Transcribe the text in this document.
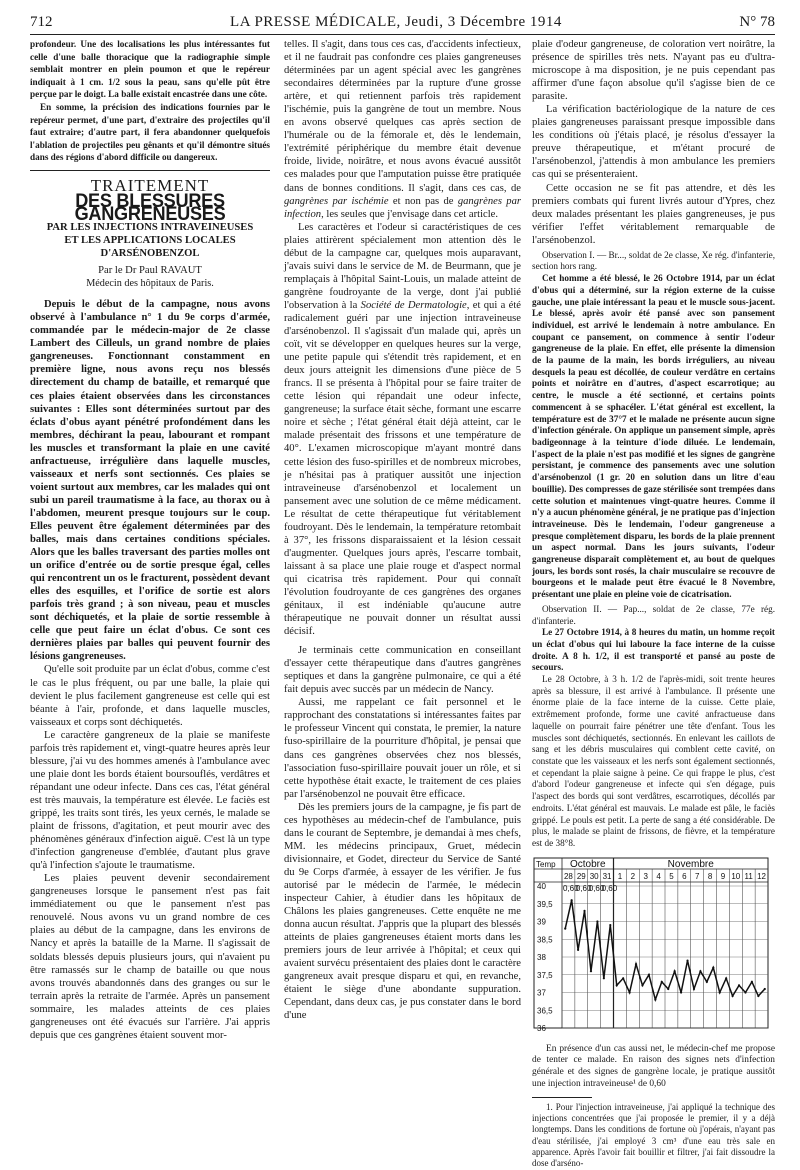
712	LA PRESSE MÉDICALE, Jeudi, 3 Décembre 1914	N° 78

profondeur. Une des localisations les plus intéressantes fut celle d'une balle thoracique que la radiographie simple semblait montrer en plein poumon et que le repéreur indiquait à 1 cm. 1/2 sous la peau, sans qu'elle pût être perçue par le doigt. La balle existait encastrée dans une côte.

En somme, la précision des indications fournies par le repéreur permet, d'une part, d'extraire des projectiles qu'il faut extraire; d'autre part, il fera abandonner quelquefois l'ablation de projectiles peu gênants et qu'il démontre situés dans des régions d'abord difficile ou dangereux.

TRAITEMENT
DES BLESSURES GANGRENEUSES
PAR LES INJECTIONS INTRAVEINEUSES
ET LES APPLICATIONS LOCALES D'ARSÉNOBENZOL
Par le Dr Paul RAVAUT
Médecin des hôpitaux de Paris.

Depuis le début de la campagne, nous avons observé à l'ambulance n° 1 du 9e corps d'armée, commandée par le médecin-major de 2e classe Lambert des Cilleuls, un grand nombre de plaies gangreneuses. Fonctionnant constamment en première ligne, nous avons reçu nos blessés directement du champ de bataille, et remarqué que ces plaies étaient observées dans les circonstances suivantes : Elles sont déterminées surtout par des éclats d'obus ayant pénétré profondément dans les membres, déchirant la peau, labourant et rompant les muscles et transformant la plaie en une cavité anfractueuse, irrégulière dans laquelle muscles, vaisseaux et nerfs sont sectionnés. Ces plaies se voient surtout aux membres, car les malades qui ont subi un pareil traumatisme à la face, au thorax ou à l'abdomen, meurent presque toujours sur le coup. Elles peuvent être également déterminées par des balles, mais dans certaines conditions spéciales. Alors que les balles traversant des parties molles ont un orifice d'entrée ou de sortie presque égal, celles qui rencontrent un os le fracturent, possèdent devant elles des esquilles, et l'orifice de sortie est alors parfois très grand ; à son niveau, peau et muscles sont déchiquetés, et la plaie de sortie ressemble à celle que peut faire un éclat d'obus. Ce sont ces dernières plaies par balles qui peuvent fournir des lésions gangreneuses.

Qu'elle soit produite par un éclat d'obus, comme c'est le cas le plus fréquent, ou par une balle, la plaie qui devient le plus facilement gangreneuse est celle qui est béante à l'air, profonde, et dans laquelle muscles, vaisseaux et corps sont déchiquetés.

Le caractère gangreneux de la plaie se manifeste parfois très rapidement et, vingt-quatre heures après leur blessure, j'ai vu des hommes amenés à l'ambulance avec une plaie dont les bords étaient boursouflés, verdâtres et répandant une odeur infecte. Dans ces cas, l'état général est très mauvais, la température est élevée. Le faciès est grippé, les traits sont tirés, les yeux cernés, le malade se plaint de frissons, d'agitation, et peut mourir avec des phénomènes généraux d'infection aiguë. C'est là un type d'infection gangreneuse d'emblée, d'autant plus grave qu'à l'infection s'ajoute le traumatisme.

Les plaies peuvent devenir secondairement gangreneuses lorsque le pansement n'est pas fait immédiatement ou que le pansement n'est pas renouvelé. Nous avons vu un grand nombre de ces plaies au début de la campagne, dans les environs de Nancy et après la bataille de la Marne. Il s'agissait de soldats blessés depuis plusieurs jours, qui n'avaient pu être ramassés sur le champ de bataille ou que nous avons trouvés abandonnés dans des granges ou sur le terrain après la retraite de l'armée. Après un pansement sommaire, les malades atteints de ces plaies gangreneuses ont été évacués sur l'arrière. J'ai appris depuis que ces gangrènes étaient souvent mor-

telles. Il s'agit, dans tous ces cas, d'accidents infectieux, et il ne faudrait pas confondre ces plaies gangreneuses déterminées par un agent spécial avec les gangrènes secondaires déterminées par la rupture d'une grosse artère, et qui retiennent parfois très rapidement l'ischémie, puis la gangrène de tout un membre. Nous en avons observé quelques cas après section de l'humérale ou de la fémorale et, dès le lendemain, l'extrémité périphérique du membre était devenue froide, livide, noirâtre, et nous avons évacué aussitôt ces malades pour que l'amputation puisse être pratiquée dans de bonnes conditions. Il s'agit, dans ces cas, de gangrènes par ischémie et non pas de gangrènes par infection, les seules que j'envisage dans cet article.

Les caractères et l'odeur si caractéristiques de ces plaies attirèrent spécialement mon attention dès le début de la campagne car, quelques mois auparavant, j'avais suivi dans le service de M. de Beurmann, que je remplaçais à l'hôpital Saint-Louis, un malade atteint de gangrène foudroyante de la verge, dont j'ai publié l'observation à la Société de Dermatologie, et qui a été radicalement guéri par une injection intraveineuse d'arsénobenzol. Il s'agissait d'un malade qui, après un coït, vit se développer en quelques heures sur la verge, une petite papule qui s'étendit très rapidement, et en deux jours atteignit les dimensions d'une pièce de 5 francs. Il se présenta à l'hôpital pour se faire traiter de cette lésion qui répandait une odeur infecte, gangreneuse; la surface était sèche, formant une escarre noire et sèche ; l'état général était déjà atteint, car le malade présentait des frissons et une température de 40°. L'examen microscopique m'ayant montré dans cette lésion des fuso-spirilles et de nombreux microbes, je n'hésitai pas à pratiquer aussitôt une injection intraveineuse d'arsénobenzol et localement un pansement avec une solution de ce même médicament. Le résultat de cette thérapeutique fut véritablement foudroyant. Dès le lendemain, la température retombait à 37°, les frissons disparaissaient et la lésion cessait d'augmenter. Quelques jours après, l'escarre tombait, laissant à sa place une plaie rouge et d'aspect normal qui cicatrisa très rapidement. Pour qui connaît l'évolution foudroyante de ces gangrènes des organes génitaux, il est indéniable qu'aucune autre thérapeutique ne pouvait donner un résultat aussi décisif.

Je terminais cette communication en conseillant d'essayer cette thérapeutique dans d'autres gangrènes septiques et dans la gangrène pulmonaire, ce qui a été fait depuis avec succès par un médecin de Nancy.

Aussi, me rappelant ce fait personnel et le rapprochant des constatations si intéressantes faites par le professeur Vincent qui constata, le premier, la nature fuso-spirillaire de la pourriture d'hôpital, je pensai que dans ces gangrènes observées chez nos blessés, l'association fuso-spirillaire pouvait jouer un rôle, et si cette hypothèse était exacte, le traitement de ces plaies par l'arsénobenzol ne pouvait être efficace.

Dès les premiers jours de la campagne, je fis part de ces hypothèses au médecin-chef de l'ambulance, puis dans le courant de Septembre, je demandai à mes chefs, MM. les médecins principaux, Gruet, médecin divisionnaire, et Godet, directeur du Service de Santé du 9e Corps d'armée, à essayer de les vérifier. Je fus autorisé par le médecin de l'armée, le médecin inspecteur Cahier, à étudier dans les hôpitaux de Châlons les plaies gangreneuses. Cette enquête ne me donna aucun résultat. J'appris que la plupart des blessés atteints de plaies gangreneuses étaient morts dans les premiers jours de leur arrivée à l'hôpital; et ceux qui avaient survécu présentaient des plaies dont le caractère gangreneux avait presque disparu et qui, en revanche, étaient le siège d'une abondante suppuration. Cependant, dans deux cas, je pus constater dans le bord d'une

plaie d'odeur gangreneuse, de coloration vert noirâtre, la présence de spirilles très nets. N'ayant pas eu d'ultra-microscope à ma disposition, je ne puis cependant pas affirmer d'une façon absolue qu'il s'agisse bien de ce parasite.

La vérification bactériologique de la nature de ces plaies gangreneuses paraissant presque impossible dans les conditions où j'étais placé, je résolus d'essayer la preuve thérapeutique, et m'étant procuré de l'arsénobenzol, j'attendis à mon ambulance les premiers cas qui se présenteraient.

Cette occasion ne se fit pas attendre, et dès les premiers combats qui furent livrés autour d'Ypres, chez deux malades présentant les plaies gangreneuses, je pus vérifier l'effet véritablement remarquable de l'arsénobenzol.

Observation I. — Br..., soldat de 2e classe, Xe rég. d'infanterie, section hors rang.

Cet homme a été blessé, le 26 Octobre 1914, par un éclat d'obus qui a déterminé, sur la région externe de la cuisse gauche, une plaie intéressant la peau et le muscle sous-jacent. Le blessé, après avoir été pansé avec son pansement individuel, est arrivé le lendemain à notre ambulance. En coupant ce pansement, on commence à sentir l'odeur gangreneuse de la plaie. En effet, elle présente la dimension de la paume de la main, les bords irréguliers, au niveau desquels la peau est décollée, de couleur verdâtre en certains points et noirâtre en d'autres, d'aspect escarrotique; au centre, le muscle a été sectionné, et certains points commencent à se sphacéler. L'état général est excellent, la température est de 37°7 et le malade ne présente aucun signe d'infection générale. On applique un pansement simple, après badigeonnage à la teinture d'iode diluée. Le lendemain, l'aspect de la plaie n'est pas modifié et les signes de gangrène persistant, je commence des pansements avec une solution d'arsénobenzol (1 gr. 20 en solution dans un litre d'eau bouillie). Des compresses de gaze stérilisée sont trempées dans cette solution et maintenues vingt-quatre heures. Comme il n'y a aucun phénomène général, je ne pratique pas d'injection intraveineuse. Dès le lendemain, l'odeur gangreneuse a presque complètement disparu, les bords de la plaie prennent un aspect normal. Dans les jours suivants, l'odeur gangreneuse disparaît complètement et, au bout de quelques jours, les bords sont rosés, la chair musculaire se recouvre de bourgeons et le malade peut être évacué le 8 Novembre, présentant une plaie en pleine voie de cicatrisation.

Observation II. — Pap..., soldat de 2e classe, 77e rég. d'infanterie.

Le 27 Octobre 1914, à 8 heures du matin, un homme reçoit un éclat d'obus qui lui laboure la face interne de la cuisse droite. A 8 h. 1/2, il est transporté et pansé au poste de secours.

Le 28 Octobre, à 3 h. 1/2 de l'après-midi, soit trente heures après sa blessure, il est arrivé à l'ambulance. Il présente une énorme plaie de la face interne de la cuisse. Cette plaie, extrêmement profonde, forme une cavité anfractueuse dans laquelle on pourrait faire pénétrer une tête d'enfant. Tous les muscles sont déchiquetés, sectionnés. En enlevant les caillots de sang et les débris musculaires qui comblent cette cavité, on constate que les vaisseaux et les nerfs sont également sectionnés, et cependant la plaie saigne à peine. Ce qui frappe le plus, c'est d'abord l'odeur gangreneuse et infecte qui s'en dégage, puis l'aspect des bords qui sont verdâtres, escarrotiques, décollés par endroits. L'état général est mauvais. Le malade est pâle, le faciès grippé. Le pouls est petit. La perte de sang a été considérable. De plus, le malade se plaint de frissons, de fièvre, et la température est de 38°8.

Temp Octobre
28 29 30 31
Novembre
1 2 3 4 5 6 7 8 9 10 11 12
40
39,5
39
38,5
38
37,5
37
36,5
36
0,60
0,60
0,60
0,60

En présence d'un cas aussi net, le médecin-chef me propose de tenter ce malade. En raison des signes nets d'infection générale et des signes de gangrène locale, je pratique aussitôt une injection intraveineuse¹ de 0,60

1. Pour l'injection intraveineuse, j'ai appliqué la technique des injections concentrées que j'ai proposée le premier, il y a déjà longtemps. Dans les conditions de fortune où j'opérais, n'ayant pas d'eau stérilisée, j'ai employé 3 cm³ d'une eau très sale en apparence. Après l'avoir fait bouillir et filtrer, j'ai fait dissoudre la dose d'arséno-
